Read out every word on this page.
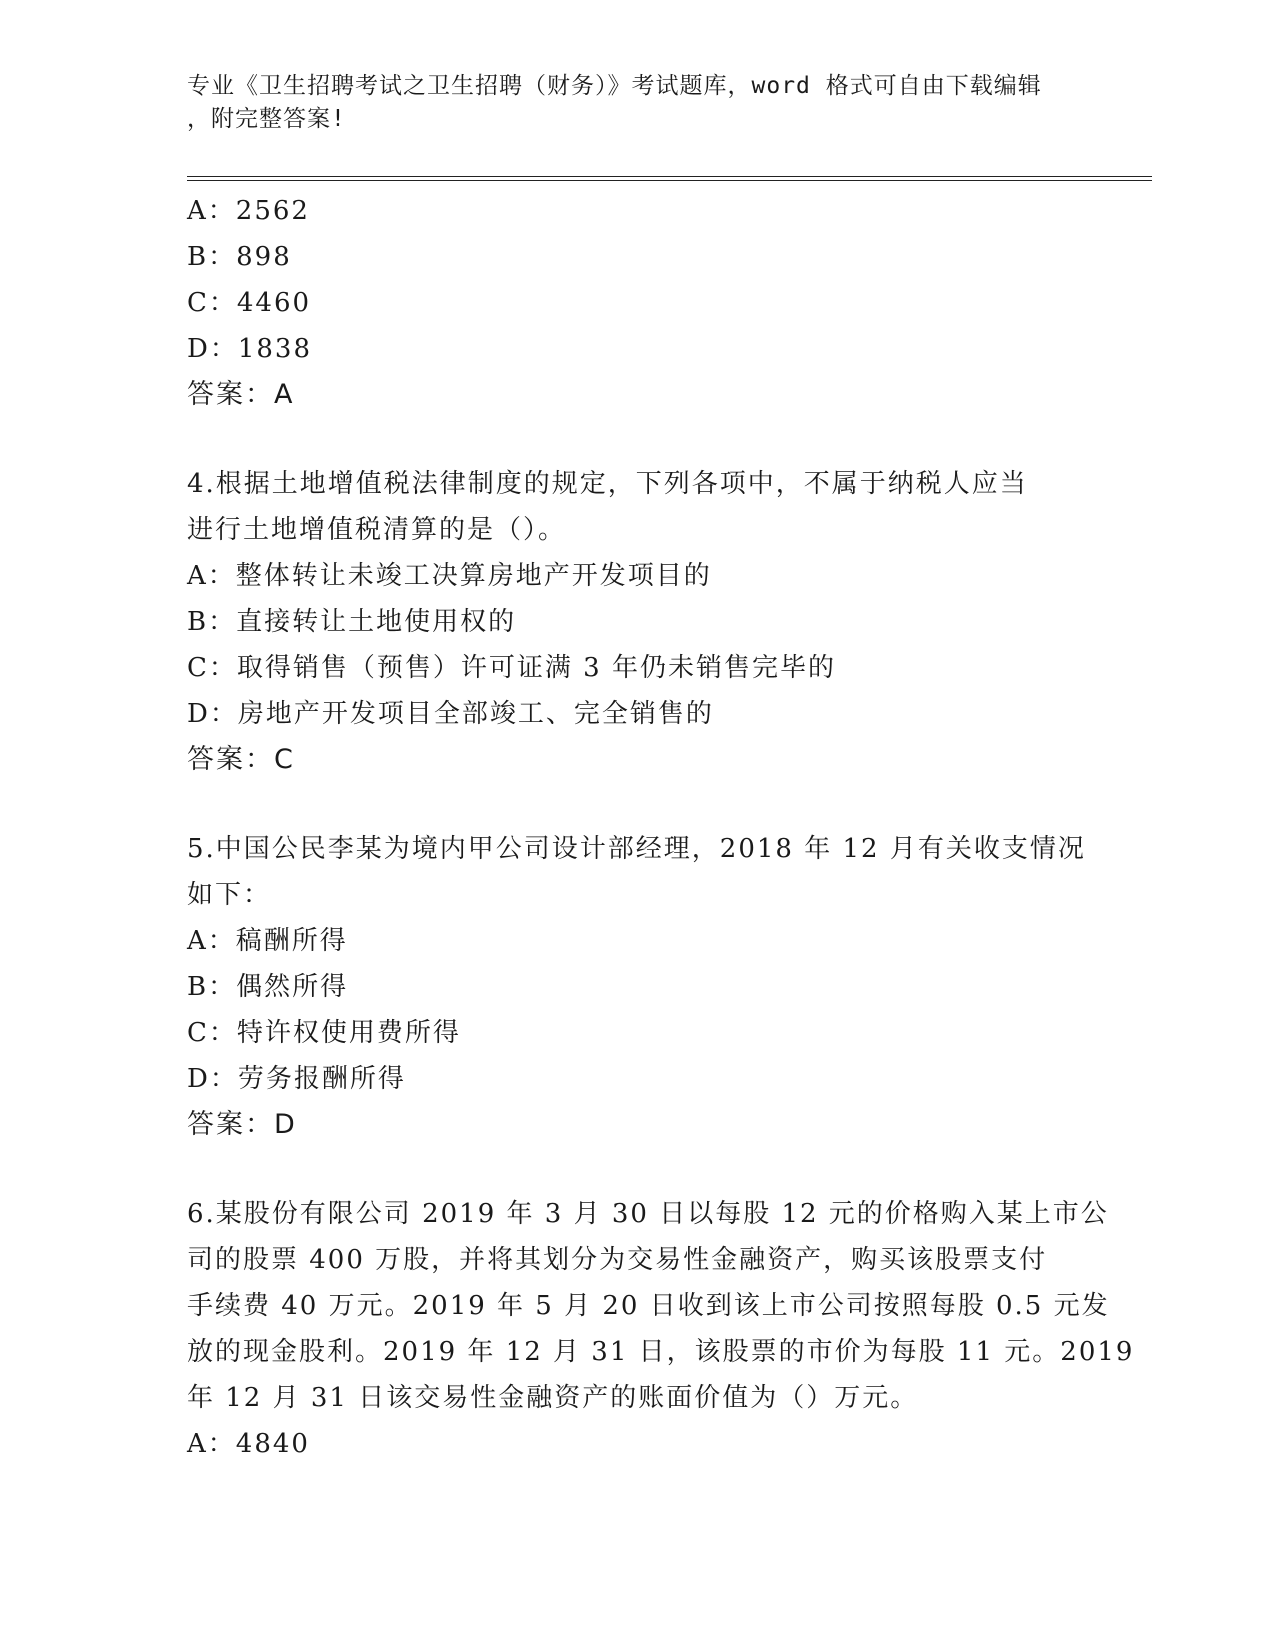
专业《卫生招聘考试之卫生招聘（财务）》考试题库，word 格式可自由下载编辑
，附完整答案!
A：2562
B：898
C：4460
D：1838
答案：A
4.根据土地增值税法律制度的规定，下列各项中，不属于纳税人应当
进行土地增值税清算的是（）。
A：整体转让未竣工决算房地产开发项目的
B：直接转让土地使用权的
C：取得销售（预售）许可证满 3 年仍未销售完毕的
D：房地产开发项目全部竣工、完全销售的
答案：C
5.中国公民李某为境内甲公司设计部经理，2018 年 12 月有关收支情况
如下：
A：稿酬所得
B：偶然所得
C：特许权使用费所得
D：劳务报酬所得
答案：D
6.某股份有限公司 2019 年 3 月 30 日以每股 12 元的价格购入某上市公
司的股票 400 万股，并将其划分为交易性金融资产，购买该股票支付
手续费 40 万元。2019 年 5 月 20 日收到该上市公司按照每股 0.5 元发
放的现金股利。2019 年 12 月 31 日，该股票的市价为每股 11 元。2019
年 12 月 31 日该交易性金融资产的账面价值为（）万元。
A：4840
